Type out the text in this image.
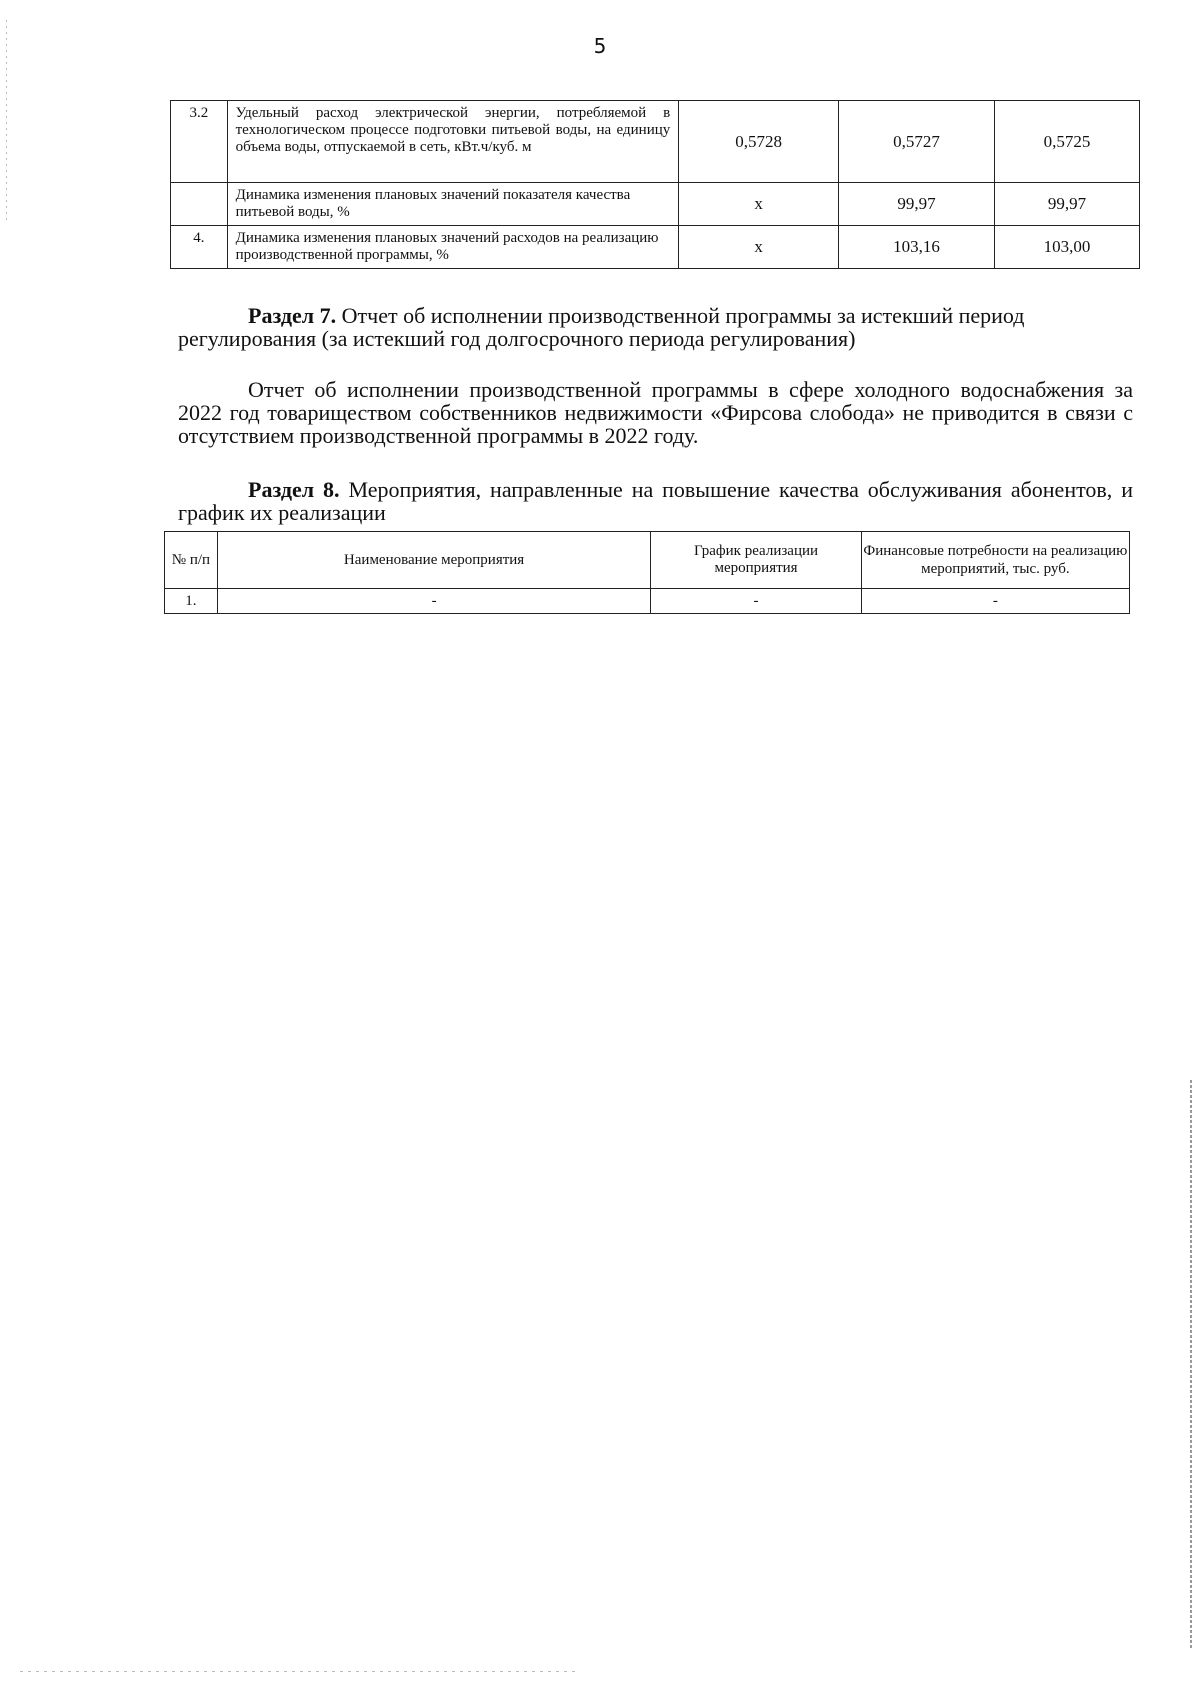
5
3.2	Удельный расход электрической энергии, потребляемой в технологическом процессе подготовки питьевой воды, на единицу объема воды, отпускаемой в сеть, кВт.ч/куб. м	0,5728	0,5727	0,5725
	Динамика изменения плановых значений показателя качества питьевой воды, %	х	99,97	99,97
4.	Динамика изменения плановых значений расходов на реализацию производственной программы, %	х	103,16	103,00
Раздел 7. Отчет об исполнении производственной программы за истекший период регулирования (за истекший год долгосрочного периода регулирования)
Отчет об исполнении производственной программы в сфере холодного водоснабжения за 2022 год товариществом собственников недвижимости «Фирсова слобода» не приводится в связи с отсутствием производственной программы в 2022 году.
Раздел 8. Мероприятия, направленные на повышение качества обслуживания абонентов, и график их реализации
№ п/п	Наименование мероприятия	График реализации мероприятия	Финансовые потребности на реализацию мероприятий, тыс. руб.
1.	-	-	-
